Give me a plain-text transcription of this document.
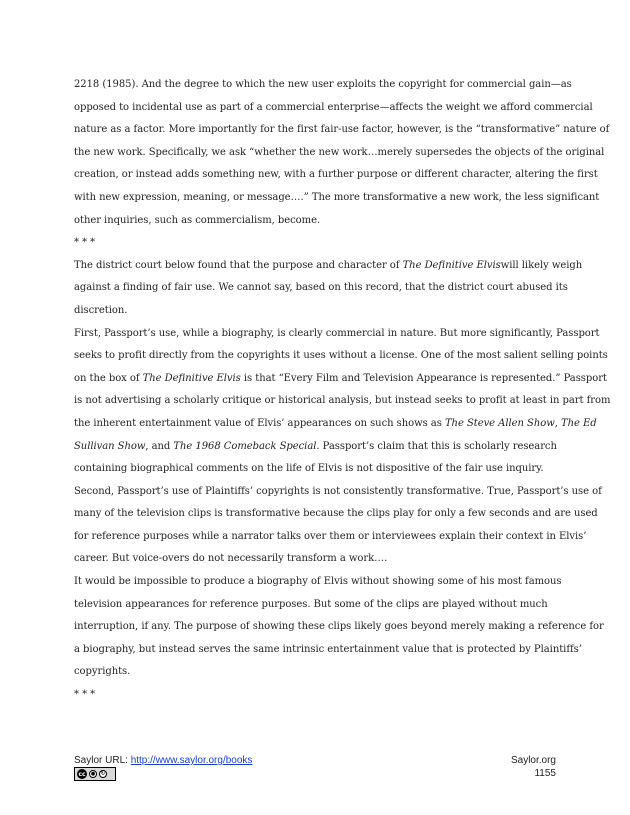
2218 (1985). And the degree to which the new user exploits the copyright for commercial gain—as
opposed to incidental use as part of a commercial enterprise—affects the weight we afford commercial
nature as a factor. More importantly for the first fair-use factor, however, is the “transformative” nature of
the new work. Specifically, we ask “whether the new work…merely supersedes the objects of the original
creation, or instead adds something new, with a further purpose or different character, altering the first
with new expression, meaning, or message….” The more transformative a new work, the less significant
other inquiries, such as commercialism, become.

* * *

The district court below found that the purpose and character of The Definitive Elviswill likely weigh
against a finding of fair use. We cannot say, based on this record, that the district court abused its
discretion.

First, Passport’s use, while a biography, is clearly commercial in nature. But more significantly, Passport
seeks to profit directly from the copyrights it uses without a license. One of the most salient selling points
on the box of The Definitive Elvis is that “Every Film and Television Appearance is represented.” Passport
is not advertising a scholarly critique or historical analysis, but instead seeks to profit at least in part from
the inherent entertainment value of Elvis’ appearances on such shows as The Steve Allen Show, The Ed
Sullivan Show, and The 1968 Comeback Special. Passport’s claim that this is scholarly research
containing biographical comments on the life of Elvis is not dispositive of the fair use inquiry.

Second, Passport’s use of Plaintiffs’ copyrights is not consistently transformative. True, Passport’s use of
many of the television clips is transformative because the clips play for only a few seconds and are used
for reference purposes while a narrator talks over them or interviewees explain their context in Elvis’
career. But voice-overs do not necessarily transform a work….

It would be impossible to produce a biography of Elvis without showing some of his most famous
television appearances for reference purposes. But some of the clips are played without much
interruption, if any. The purpose of showing these clips likely goes beyond merely making a reference for
a biography, but instead serves the same intrinsic entertainment value that is protected by Plaintiffs’
copyrights.

* * *

Saylor URL: http://www.saylor.org/books
cc	●	↻
Saylor.org
1155
